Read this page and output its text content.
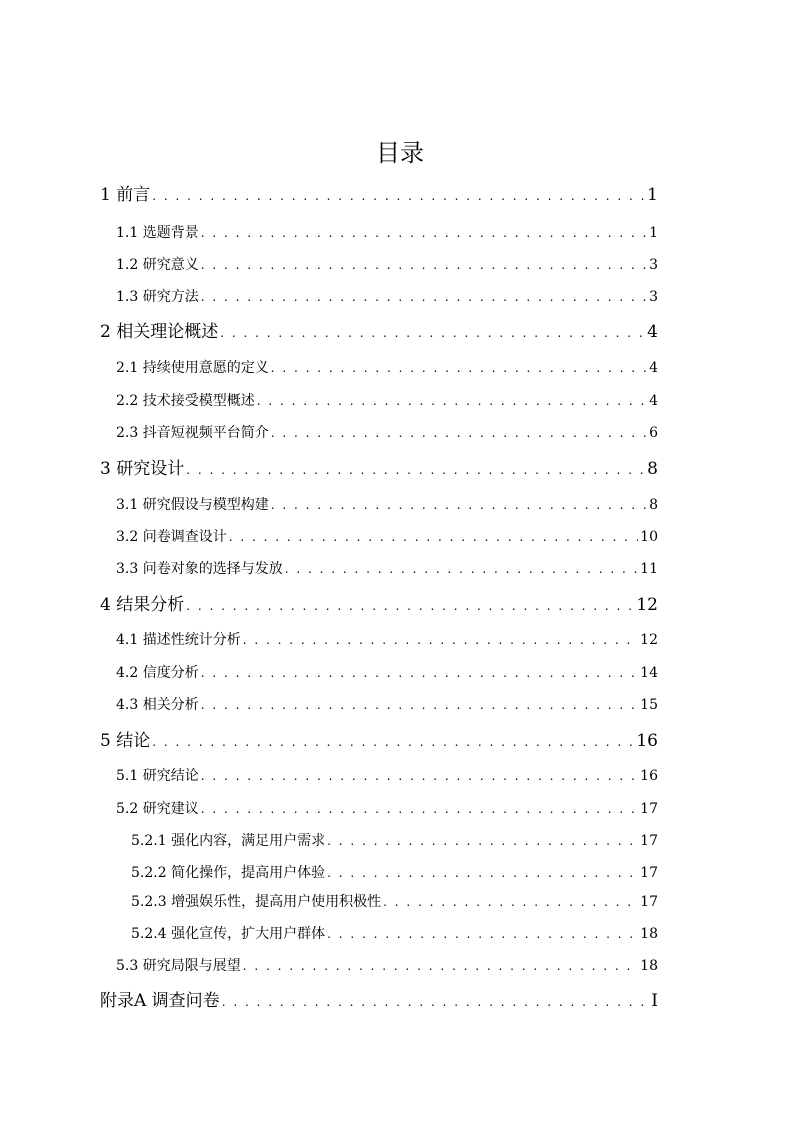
目录
1 前言 . . .	1
1.1 选题背景 . . .	1
1.2 研究意义 . . .	3
1.3 研究方法 . . .	3
2 相关理论概述 . . .	4
2.1 持续使用意愿的定义 . . .	4
2.2 技术接受模型概述 . . .	4
2.3 抖音短视频平台简介 . . .	6
3 研究设计 . . .	8
3.1 研究假设与模型构建 . . .	8
3.2 问卷调查设计 . . .	10
3.3 问卷对象的选择与发放 . . .	11
4 结果分析 . . .	12
4.1 描述性统计分析 . . .	12
4.2 信度分析 . . .	14
4.3 相关分析 . . .	15
5 结论 . . .	16
5.1 研究结论 . . .	16
5.2 研究建议 . . .	17
5.2.1 强化内容，满足用户需求 . . .	17
5.2.2 简化操作，提高用户体验 . . .	17
5.2.3 增强娱乐性，提高用户使用积极性 . . .	17
5.2.4 强化宣传，扩大用户群体 . . .	18
5.3 研究局限与展望 . . .	18
附录A 调查问卷 . . .	I
